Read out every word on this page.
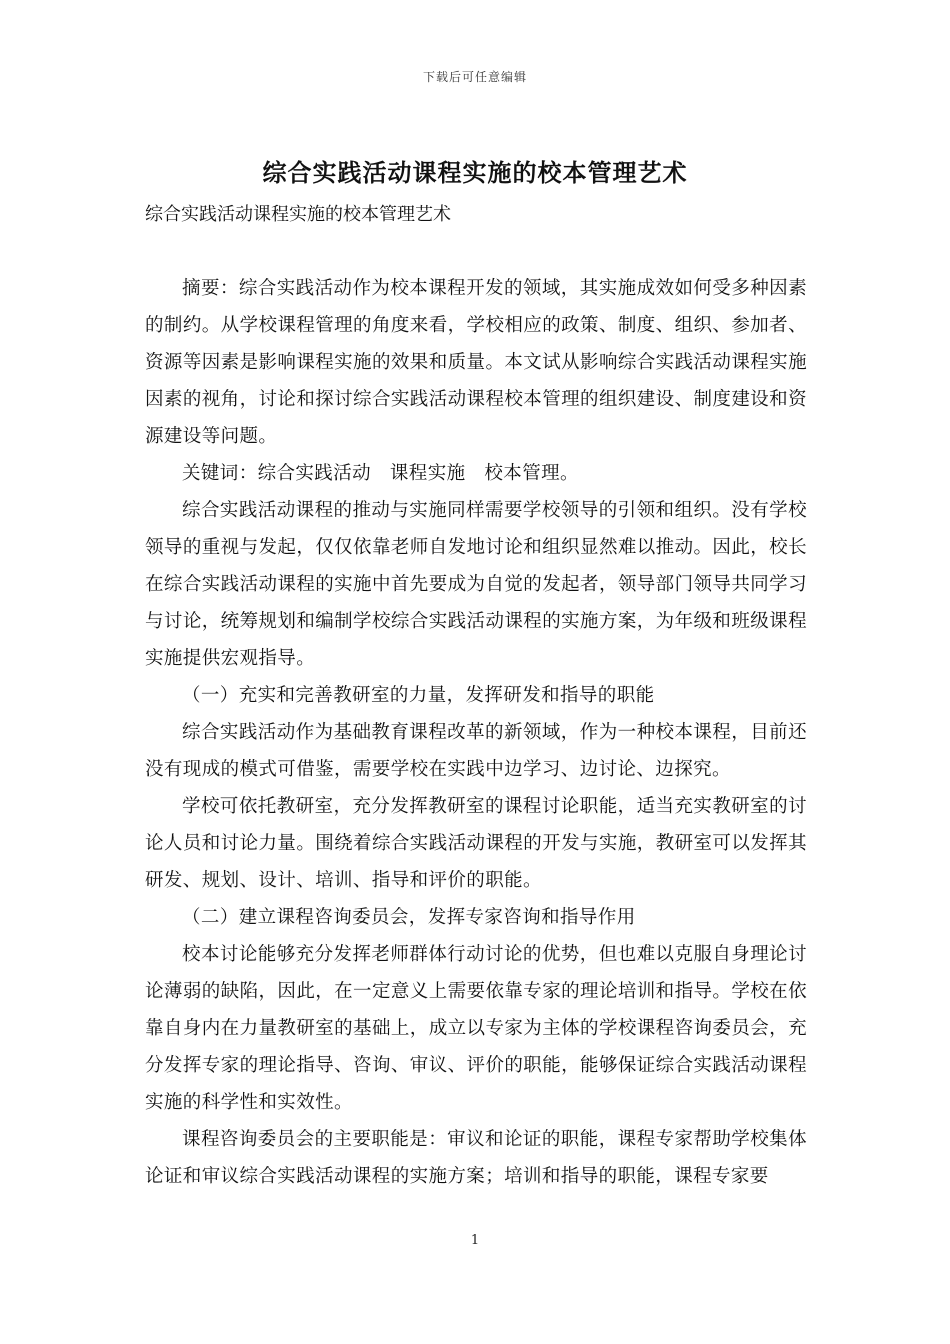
下载后可任意编辑
综合实践活动课程实施的校本管理艺术

综合实践活动课程实施的校本管理艺术

摘要：综合实践活动作为校本课程开发的领域，其实施成效如何受多种因素的制约。从学校课程管理的角度来看，学校相应的政策、制度、组织、参加者、资源等因素是影响课程实施的效果和质量。本文试从影响综合实践活动课程实施因素的视角，讨论和探讨综合实践活动课程校本管理的组织建设、制度建设和资源建设等问题。

关键词：综合实践活动　课程实施　校本管理。

综合实践活动课程的推动与实施同样需要学校领导的引领和组织。没有学校领导的重视与发起，仅仅依靠老师自发地讨论和组织显然难以推动。因此，校长在综合实践活动课程的实施中首先要成为自觉的发起者，领导部门领导共同学习与讨论，统筹规划和编制学校综合实践活动课程的实施方案，为年级和班级课程实施提供宏观指导。

（一）充实和完善教研室的力量，发挥研发和指导的职能

综合实践活动作为基础教育课程改革的新领域，作为一种校本课程，目前还没有现成的模式可借鉴，需要学校在实践中边学习、边讨论、边探究。

学校可依托教研室，充分发挥教研室的课程讨论职能，适当充实教研室的讨论人员和讨论力量。围绕着综合实践活动课程的开发与实施，教研室可以发挥其研发、规划、设计、培训、指导和评价的职能。

（二）建立课程咨询委员会，发挥专家咨询和指导作用

校本讨论能够充分发挥老师群体行动讨论的优势，但也难以克服自身理论讨论薄弱的缺陷，因此，在一定意义上需要依靠专家的理论培训和指导。学校在依靠自身内在力量教研室的基础上，成立以专家为主体的学校课程咨询委员会，充分发挥专家的理论指导、咨询、审议、评价的职能，能够保证综合实践活动课程实施的科学性和实效性。

课程咨询委员会的主要职能是：审议和论证的职能，课程专家帮助学校集体论证和审议综合实践活动课程的实施方案；培训和指导的职能，课程专家要

1
